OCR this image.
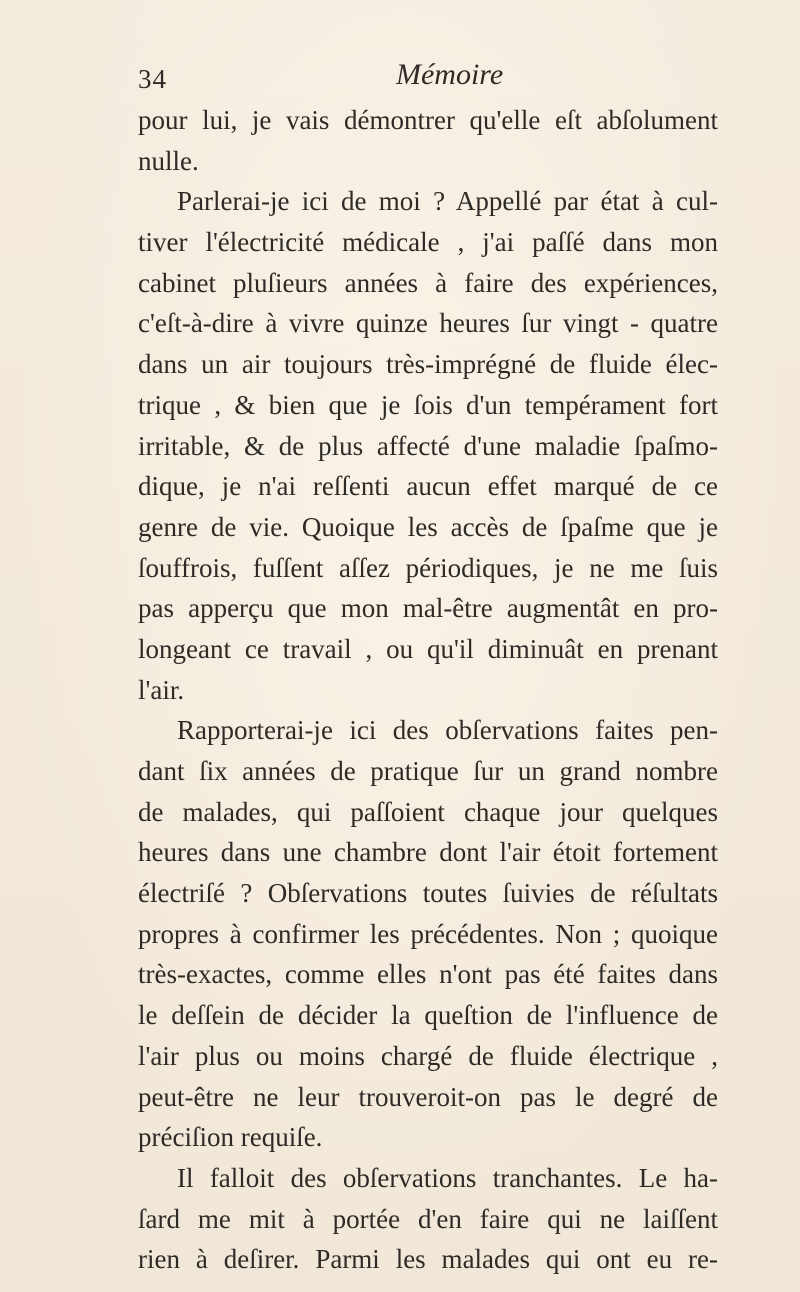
34	Mémoire
pour lui, je vais démontrer qu'elle eſt abſolument
nulle.
Parlerai-je ici de moi ? Appellé par état à cul-
tiver l'électricité médicale , j'ai paſſé dans mon
cabinet pluſieurs années à faire des expériences,
c'eſt-à-dire à vivre quinze heures ſur vingt - quatre
dans un air toujours très-imprégné de fluide élec-
trique , & bien que je ſois d'un tempérament fort
irritable, & de plus affecté d'une maladie ſpaſmo-
dique, je n'ai reſſenti aucun effet marqué de ce
genre de vie. Quoique les accès de ſpaſme que je
ſouffrois, fuſſent aſſez périodiques, je ne me ſuis
pas apperçu que mon mal-être augmentât en pro-
longeant ce travail , ou qu'il diminuât en prenant
l'air.
Rapporterai-je ici des obſervations faites pen-
dant ſix années de pratique ſur un grand nombre
de malades, qui paſſoient chaque jour quelques
heures dans une chambre dont l'air étoit fortement
électriſé ? Obſervations toutes ſuivies de réſultats
propres à confirmer les précédentes. Non ; quoique
très-exactes, comme elles n'ont pas été faites dans
le deſſein de décider la queſtion de l'influence de
l'air plus ou moins chargé de fluide électrique ,
peut-être ne leur trouveroit-on pas le degré de
préciſion requiſe.
Il falloit des obſervations tranchantes. Le ha-
ſard me mit à portée d'en faire qui ne laiſſent
rien à deſirer. Parmi les malades qui ont eu re-
